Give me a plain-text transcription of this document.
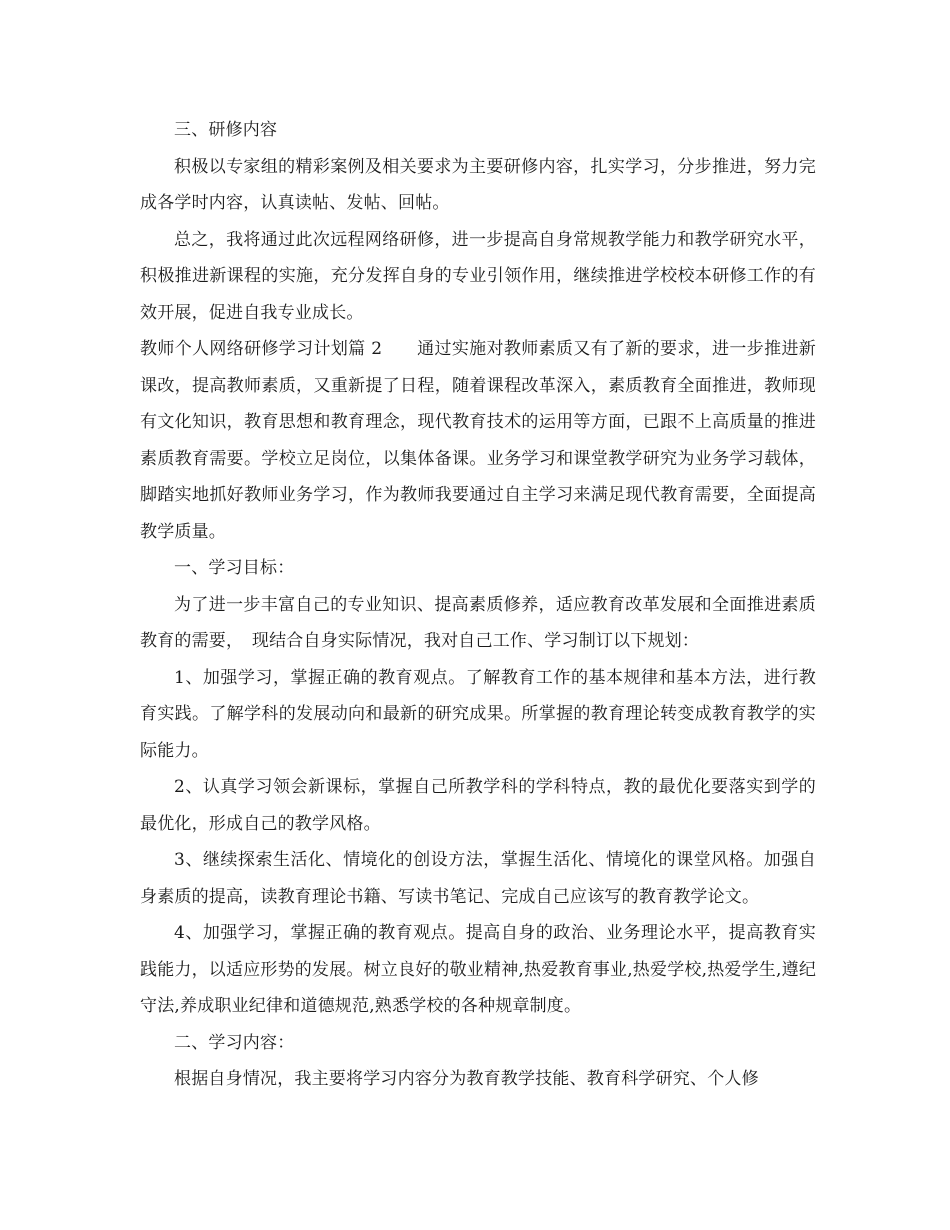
三、研修内容

积极以专家组的精彩案例及相关要求为主要研修内容，扎实学习，分步推进，努力完成各学时内容，认真读帖、发帖、回帖。

总之，我将通过此次远程网络研修，进一步提高自身常规教学能力和教学研究水平，积极推进新课程的实施，充分发挥自身的专业引领作用，继续推进学校校本研修工作的有效开展，促进自我专业成长。

教师个人网络研修学习计划篇 2　　通过实施对教师素质又有了新的要求，进一步推进新课改，提高教师素质，又重新提了日程，随着课程改革深入，素质教育全面推进，教师现有文化知识，教育思想和教育理念，现代教育技术的运用等方面，已跟不上高质量的推进素质教育需要。学校立足岗位，以集体备课。业务学习和课堂教学研究为业务学习载体，脚踏实地抓好教师业务学习，作为教师我要通过自主学习来满足现代教育需要，全面提高教学质量。

一、学习目标：

为了进一步丰富自己的专业知识、提高素质修养，适应教育改革发展和全面推进素质教育的需要，　现结合自身实际情况，我对自己工作、学习制订以下规划：

1、加强学习，掌握正确的教育观点。了解教育工作的基本规律和基本方法，进行教育实践。了解学科的发展动向和最新的研究成果。所掌握的教育理论转变成教育教学的实际能力。

2、认真学习领会新课标，掌握自己所教学科的学科特点，教的最优化要落实到学的最优化，形成自己的教学风格。

3、继续探索生活化、情境化的创设方法，掌握生活化、情境化的课堂风格。加强自身素质的提高，读教育理论书籍、写读书笔记、完成自己应该写的教育教学论文。

4、加强学习，掌握正确的教育观点。提高自身的政治、业务理论水平，提高教育实践能力，以适应形势的发展。树立良好的敬业精神,热爱教育事业,热爱学校,热爱学生,遵纪守法,养成职业纪律和道德规范,熟悉学校的各种规章制度。

二、学习内容：

根据自身情况，我主要将学习内容分为教育教学技能、教育科学研究、个人修
